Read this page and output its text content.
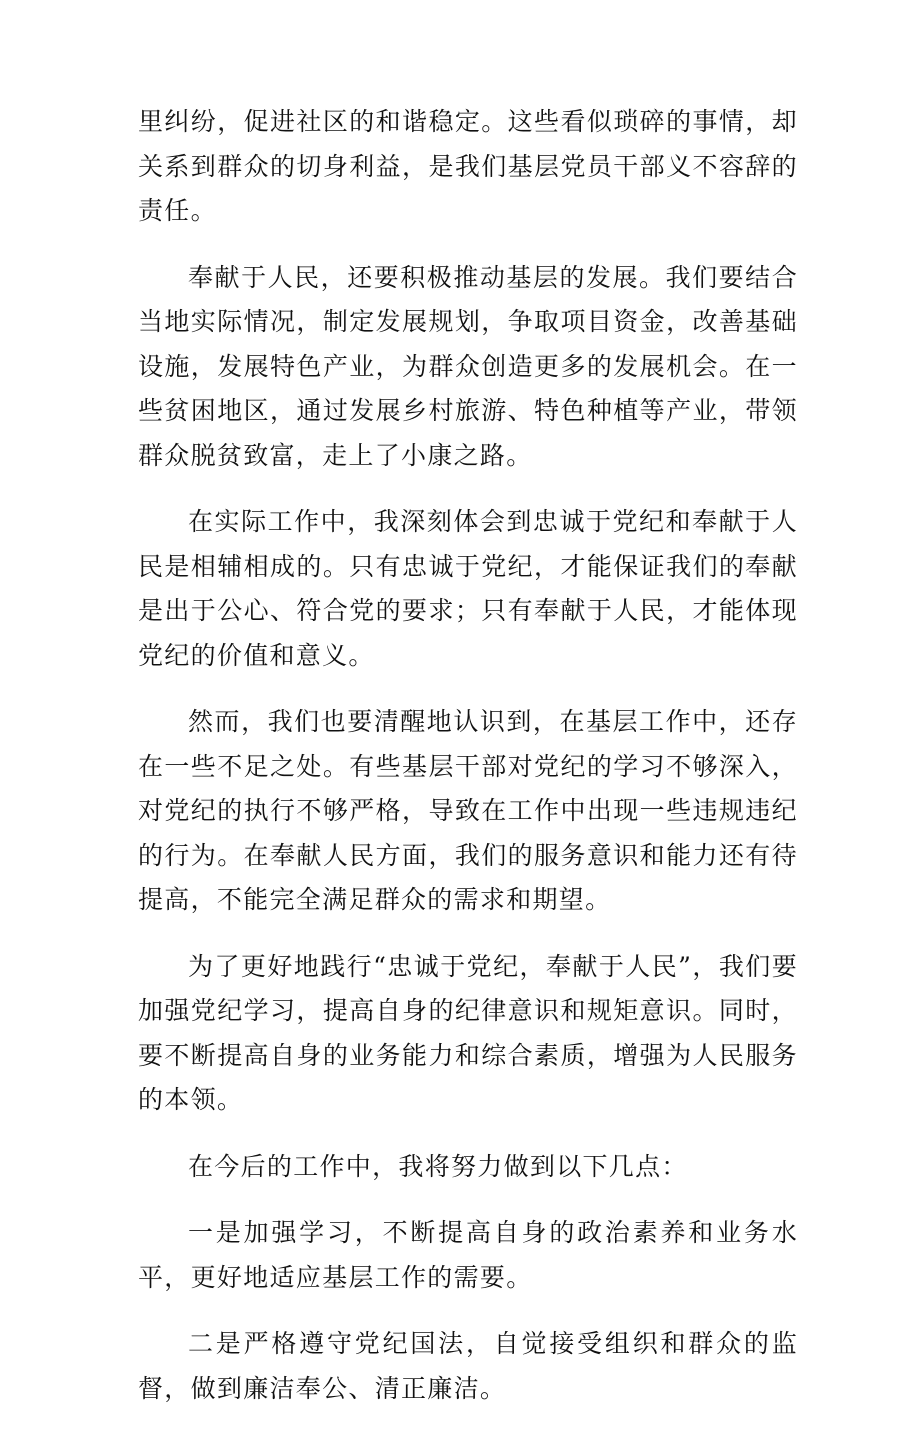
里纠纷，促进社区的和谐稳定。这些看似琐碎的事情，却关系到群众的切身利益，是我们基层党员干部义不容辞的责任。

奉献于人民，还要积极推动基层的发展。我们要结合当地实际情况，制定发展规划，争取项目资金，改善基础设施，发展特色产业，为群众创造更多的发展机会。在一些贫困地区，通过发展乡村旅游、特色种植等产业，带领群众脱贫致富，走上了小康之路。

在实际工作中，我深刻体会到忠诚于党纪和奉献于人民是相辅相成的。只有忠诚于党纪，才能保证我们的奉献是出于公心、符合党的要求；只有奉献于人民，才能体现党纪的价值和意义。

然而，我们也要清醒地认识到，在基层工作中，还存在一些不足之处。有些基层干部对党纪的学习不够深入，对党纪的执行不够严格，导致在工作中出现一些违规违纪的行为。在奉献人民方面，我们的服务意识和能力还有待提高，不能完全满足群众的需求和期望。

为了更好地践行“忠诚于党纪，奉献于人民”，我们要加强党纪学习，提高自身的纪律意识和规矩意识。同时，要不断提高自身的业务能力和综合素质，增强为人民服务的本领。

在今后的工作中，我将努力做到以下几点：

一是加强学习，不断提高自身的政治素养和业务水平，更好地适应基层工作的需要。

二是严格遵守党纪国法，自觉接受组织和群众的监督，做到廉洁奉公、清正廉洁。
